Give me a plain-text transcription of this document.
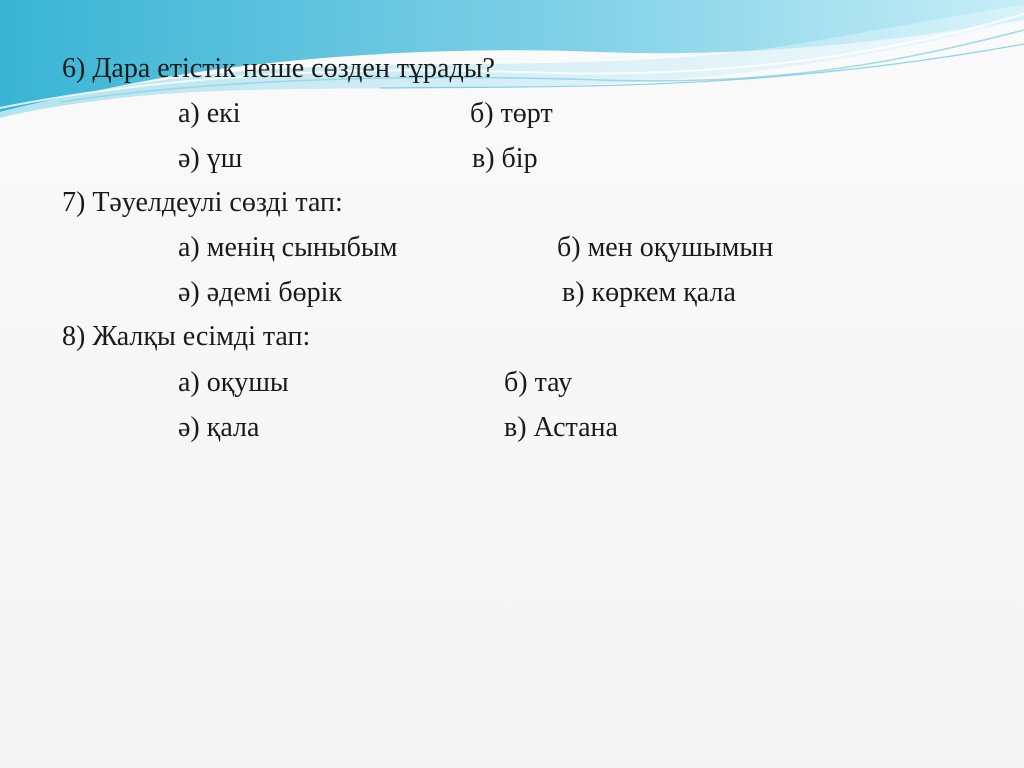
6) Дара етістік неше сөзден тұрады?
а) екі	б) төрт
ә) үш	в) бір
7) Тәуелдеулі сөзді тап:
а) менің сыныбым	б) мен оқушымын
ә) әдемі бөрік	в) көркем қала
8) Жалқы есімді тап:
а) оқушы	б) тау
ә) қала	в) Астана
